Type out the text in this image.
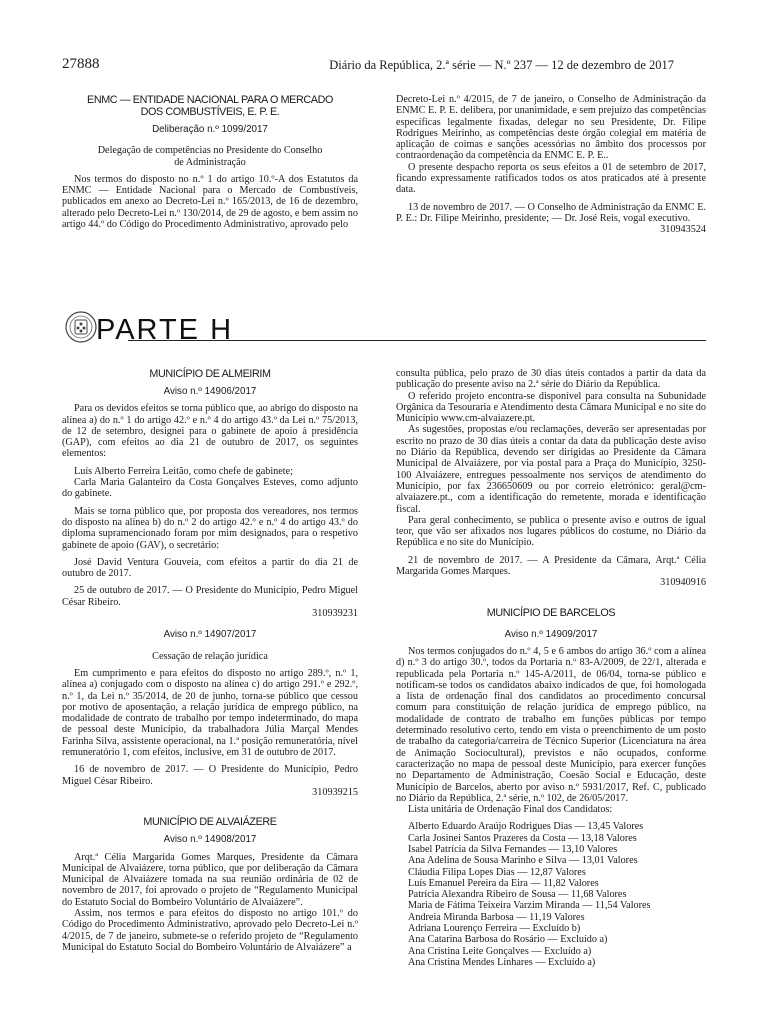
27888	Diário da República, 2.ª série — N.º 237 — 12 de dezembro de 2017
ENMC — ENTIDADE NACIONAL PARA O MERCADO
DOS COMBUSTÍVEIS, E. P. E.
Deliberação n.º 1099/2017
Delegação de competências no Presidente do Conselho
de Administração

Nos termos do disposto no n.º 1 do artigo 10.º-A dos Estatutos da ENMC — Entidade Nacional para o Mercado de Combustíveis, publicados em anexo ao Decreto-Lei n.º 165/2013, de 16 de dezembro, alterado pelo Decreto-Lei n.º 130/2014, de 29 de agosto, e bem assim no artigo 44.º do Código do Procedimento Administrativo, aprovado pelo

Decreto-Lei n.º 4/2015, de 7 de janeiro, o Conselho de Administração da ENMC E. P. E. delibera, por unanimidade, e sem prejuízo das competências específicas legalmente fixadas, delegar no seu Presidente, Dr. Filipe Rodrigues Meirinho, as competências deste órgão colegial em matéria de aplicação de coimas e sanções acessórias no âmbito dos processos por contraordenação da competência da ENMC E. P. E..

O presente despacho reporta os seus efeitos a 01 de setembro de 2017, ficando expressamente ratificados todos os atos praticados até à presente data.

13 de novembro de 2017. — O Conselho de Administração da ENMC E. P. E.: Dr. Filipe Meirinho, presidente; — Dr. José Reis, vogal executivo.

310943524

PARTE H
MUNICÍPIO DE ALMEIRIM
Aviso n.º 14906/2017

Para os devidos efeitos se torna público que, ao abrigo do disposto na alínea a) do n.º 1 do artigo 42.º e n.º 4 do artigo 43.º da Lei n.º 75/2013, de 12 de setembro, designei para o gabinete de apoio à presidência (GAP), com efeitos ao dia 21 de outubro de 2017, os seguintes elementos:

Luís Alberto Ferreira Leitão, como chefe de gabinete;

Carla Maria Galanteiro da Costa Gonçalves Esteves, como adjunto do gabinete.

Mais se torna público que, por proposta dos vereadores, nos termos do disposto na alínea b) do n.º 2 do artigo 42.º e n.º 4 do artigo 43.º do diploma supramencionado foram por mim designados, para o respetivo gabinete de apoio (GAV), o secretário:

José David Ventura Gouveia, com efeitos a partir do dia 21 de outubro de 2017.

25 de outubro de 2017. — O Presidente do Município, Pedro Miguel César Ribeiro.

310939231

Aviso n.º 14907/2017
Cessação de relação jurídica

Em cumprimento e para efeitos do disposto no artigo 289.º, n.º 1, alínea a) conjugado com o disposto na alínea c) do artigo 291.º e 292.º, n.º 1, da Lei n.º 35/2014, de 20 de junho, torna-se público que cessou por motivo de aposentação, a relação jurídica de emprego público, na modalidade de contrato de trabalho por tempo indeterminado, do mapa de pessoal deste Município, da trabalhadora Júlia Marçal Mendes Farinha Silva, assistente operacional, na 1.ª posição remuneratória, nível remuneratório 1, com efeitos, inclusive, em 31 de outubro de 2017.

16 de novembro de 2017. — O Presidente do Município, Pedro Miguel César Ribeiro.

310939215

MUNICÍPIO DE ALVAIÁZERE
Aviso n.º 14908/2017

Arqt.ª Célia Margarida Gomes Marques, Presidente da Câmara Municipal de Alvaiázere, torna público, que por deliberação da Câmara Municipal de Alvaiázere tomada na sua reunião ordinária de 02 de novembro de 2017, foi aprovado o projeto de “Regulamento Municipal do Estatuto Social do Bombeiro Voluntário de Alvaiázere”.

Assim, nos termos e para efeitos do disposto no artigo 101.º do Código do Procedimento Administrativo, aprovado pelo Decreto-Lei n.º 4/2015, de 7 de janeiro, submete-se o referido projeto de “Regulamento Municipal do Estatuto Social do Bombeiro Voluntário de Alvaiázere” a

consulta pública, pelo prazo de 30 dias úteis contados a partir da data da publicação do presente aviso na 2.ª série do Diário da República.

O referido projeto encontra-se disponível para consulta na Subunidade Orgânica da Tesouraria e Atendimento desta Câmara Municipal e no site do Município www.cm-alvaiazere.pt.

As sugestões, propostas e/ou reclamações, deverão ser apresentadas por escrito no prazo de 30 dias úteis a contar da data da publicação deste aviso no Diário da República, devendo ser dirigidas ao Presidente da Câmara Municipal de Alvaiázere, por via postal para a Praça do Município, 3250-100 Alvaiázere, entregues pessoalmente nos serviços de atendimento do Município, por fax 236650609 ou por correio eletrónico: geral@cm-alvaiazere.pt., com a identificação do remetente, morada e identificação fiscal.

Para geral conhecimento, se publica o presente aviso e outros de igual teor, que vão ser afixados nos lugares públicos do costume, no Diário da República e no site do Município.

21 de novembro de 2017. — A Presidente da Câmara, Arqt.ª Célia Margarida Gomes Marques.

310940916

MUNICÍPIO DE BARCELOS
Aviso n.º 14909/2017

Nos termos conjugados do n.º 4, 5 e 6 ambos do artigo 36.º com a alínea d) n.º 3 do artigo 30.º, todos da Portaria n.º 83-A/2009, de 22/1, alterada e republicada pela Portaria n.º 145-A/2011, de 06/04, torna-se público e notificam-se todos os candidatos abaixo indicados de que, foi homologada a lista de ordenação final dos candidatos ao procedimento concursal comum para constituição de relação jurídica de emprego público, na modalidade de contrato de trabalho em funções públicas por tempo determinado resolutivo certo, tendo em vista o preenchimento de um posto de trabalho da categoria/carreira de Técnico Superior (Licenciatura na área de Animação Sociocultural), previstos e não ocupados, conforme caracterização no mapa de pessoal deste Município, para exercer funções no Departamento de Administração, Coesão Social e Educação, deste Município de Barcelos, aberto por aviso n.º 5931/2017, Ref. C, publicado no Diário da República, 2.ª série, n.º 102, de 26/05/2017.

Lista unitária de Ordenação Final dos Candidatos:

Alberto Eduardo Araújo Rodrigues Dias — 13,45 Valores

Carla Josinei Santos Prazeres da Costa — 13,18 Valores

Isabel Patrícia da Silva Fernandes — 13,10 Valores

Ana Adelina de Sousa Marinho e Silva — 13,01 Valores

Cláudia Filipa Lopes Dias — 12,87 Valores

Luís Emanuel Pereira da Eira — 11,82 Valores

Patrícia Alexandra Ribeiro de Sousa — 11,68 Valores

Maria de Fátima Teixeira Varzim Miranda — 11,54 Valores

Andreia Miranda Barbosa — 11,19 Valores

Adriana Lourenço Ferreira — Excluído b)

Ana Catarina Barbosa do Rosário — Excluído a)

Ana Cristina Leite Gonçalves — Excluído a)

Ana Cristina Mendes Linhares — Excluído a)
